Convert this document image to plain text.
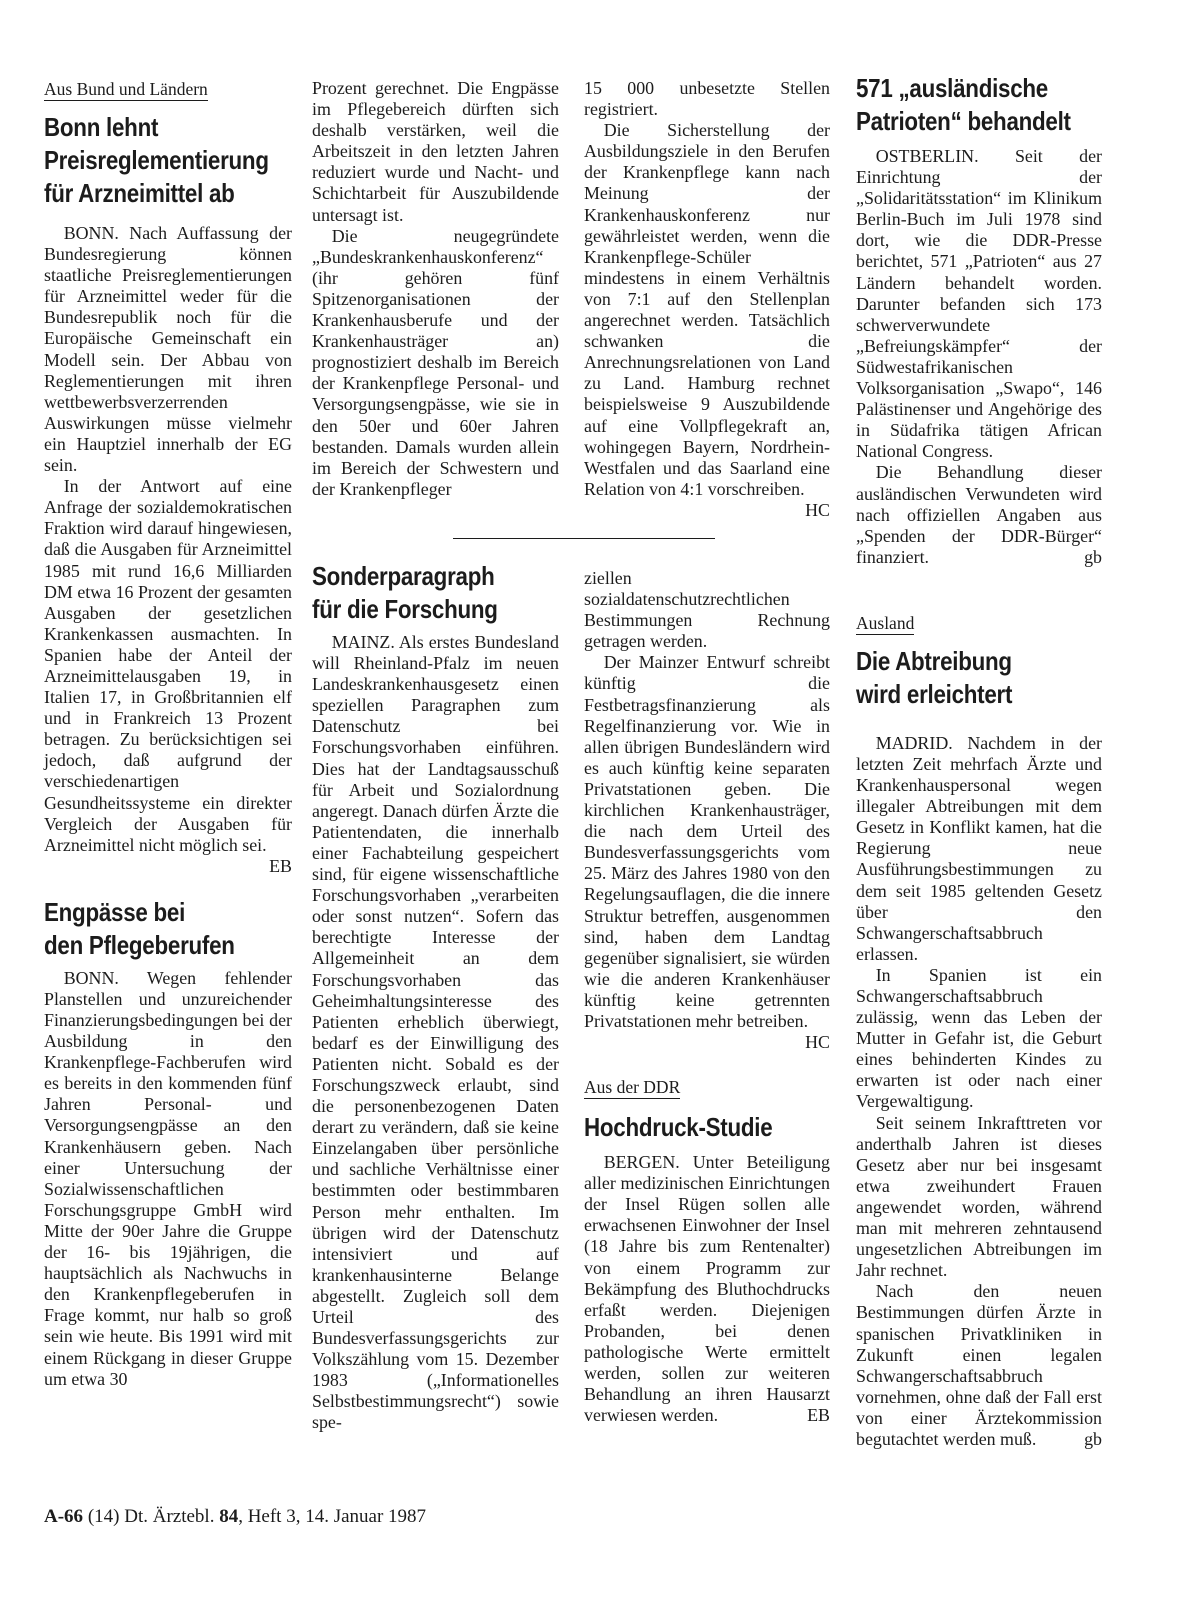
Aus Bund und Ländern
Bonn lehnt
Preisreglementierung
für Arzneimittel ab

BONN. Nach Auffassung der Bundesregierung können staatliche Preisreglementierungen für Arzneimittel weder für die Bundesrepublik noch für die Europäische Gemeinschaft ein Modell sein. Der Abbau von Reglementierungen mit ihren wettbewerbsverzerrenden Auswirkungen müsse vielmehr ein Hauptziel innerhalb der EG sein.

In der Antwort auf eine Anfrage der sozialdemokratischen Fraktion wird darauf hingewiesen, daß die Ausgaben für Arzneimittel 1985 mit rund 16,6 Milliarden DM etwa 16 Prozent der gesamten Ausgaben der gesetzlichen Krankenkassen ausmachten. In Spanien habe der Anteil der Arzneimittelausgaben 19, in Italien 17, in Großbritannien elf und in Frankreich 13 Prozent betragen. Zu berücksichtigen sei jedoch, daß aufgrund der verschiedenartigen Gesundheitssysteme ein direkter Vergleich der Ausgaben für Arzneimittel nicht möglich sei.
EB

Engpässe bei
den Pflegeberufen

BONN. Wegen fehlender Planstellen und unzureichender Finanzierungsbedingungen bei der Ausbildung in den Krankenpflege-Fachberufen wird es bereits in den kommenden fünf Jahren Personal- und Versorgungsengpässe an den Krankenhäusern geben. Nach einer Untersuchung der Sozialwissenschaftlichen Forschungsgruppe GmbH wird Mitte der 90er Jahre die Gruppe der 16- bis 19jährigen, die hauptsächlich als Nachwuchs in den Krankenpflegeberufen in Frage kommt, nur halb so groß sein wie heute. Bis 1991 wird mit einem Rückgang in dieser Gruppe um etwa 30

Prozent gerechnet. Die Engpässe im Pflegebereich dürften sich deshalb verstärken, weil die Arbeitszeit in den letzten Jahren reduziert wurde und Nacht- und Schichtarbeit für Auszubildende untersagt ist.

Die neugegründete „Bundeskrankenhauskonferenz“ (ihr gehören fünf Spitzenorganisationen der Krankenhausberufe und der Krankenhausträger an) prognostiziert deshalb im Bereich der Krankenpflege Personal- und Versorgungsengpässe, wie sie in den 50er und 60er Jahren bestanden. Damals wurden allein im Bereich der Schwestern und der Krankenpfleger

Sonderparagraph
für die Forschung

MAINZ. Als erstes Bundesland will Rheinland-Pfalz im neuen Landeskrankenhausgesetz einen speziellen Paragraphen zum Datenschutz bei Forschungsvorhaben einführen. Dies hat der Landtagsausschuß für Arbeit und Sozialordnung angeregt. Danach dürfen Ärzte die Patientendaten, die innerhalb einer Fachabteilung gespeichert sind, für eigene wissenschaftliche Forschungsvorhaben „verarbeiten oder sonst nutzen“. Sofern das berechtigte Interesse der Allgemeinheit an dem Forschungsvorhaben das Geheimhaltungsinteresse des Patienten erheblich überwiegt, bedarf es der Einwilligung des Patienten nicht. Sobald es der Forschungszweck erlaubt, sind die personenbezogenen Daten derart zu verändern, daß sie keine Einzelangaben über persönliche und sachliche Verhältnisse einer bestimmten oder bestimmbaren Person mehr enthalten. Im übrigen wird der Datenschutz intensiviert und auf krankenhausinterne Belange abgestellt. Zugleich soll dem Urteil des Bundesverfassungsgerichts zur Volkszählung vom 15. Dezember 1983 („Informationelles Selbstbestimmungsrecht“) sowie spe-

15 000 unbesetzte Stellen registriert.

Die Sicherstellung der Ausbildungsziele in den Berufen der Krankenpflege kann nach Meinung der Krankenhauskonferenz nur gewährleistet werden, wenn die Krankenpflege-Schüler mindestens in einem Verhältnis von 7:1 auf den Stellenplan angerechnet werden. Tatsächlich schwanken die Anrechnungsrelationen von Land zu Land. Hamburg rechnet beispielsweise 9 Auszubildende auf eine Vollpflegekraft an, wohingegen Bayern, Nordrhein-Westfalen und das Saarland eine Relation von 4:1 vorschreiben.
HC

ziellen sozialdatenschutzrechtlichen Bestimmungen Rechnung getragen werden.

Der Mainzer Entwurf schreibt künftig die Festbetragsfinanzierung als Regelfinanzierung vor. Wie in allen übrigen Bundesländern wird es auch künftig keine separaten Privatstationen geben. Die kirchlichen Krankenhausträger, die nach dem Urteil des Bundesverfassungsgerichts vom 25. März des Jahres 1980 von den Regelungsauflagen, die die innere Struktur betreffen, ausgenommen sind, haben dem Landtag gegenüber signalisiert, sie würden wie die anderen Krankenhäuser künftig keine getrennten Privatstationen mehr betreiben.
HC

Aus der DDR
Hochdruck-Studie

BERGEN. Unter Beteiligung aller medizinischen Einrichtungen der Insel Rügen sollen alle erwachsenen Einwohner der Insel (18 Jahre bis zum Rentenalter) von einem Programm zur Bekämpfung des Bluthochdrucks erfaßt werden. Diejenigen Probanden, bei denen pathologische Werte ermittelt werden, sollen zur weiteren Behandlung an ihren Hausarzt verwiesen werden.	EB

571 „ausländische
Patrioten“ behandelt

OSTBERLIN. Seit der Einrichtung der „Solidaritätsstation“ im Klinikum Berlin-Buch im Juli 1978 sind dort, wie die DDR-Presse berichtet, 571 „Patrioten“ aus 27 Ländern behandelt worden. Darunter befanden sich 173 schwerverwundete „Befreiungskämpfer“ der Südwestafrikanischen Volksorganisation „Swapo“, 146 Palästinenser und Angehörige des in Südafrika tätigen African National Congress.

Die Behandlung dieser ausländischen Verwundeten wird nach offiziellen Angaben aus „Spenden der DDR-Bürger“ finanziert.	gb

Ausland
Die Abtreibung
wird erleichtert

MADRID. Nachdem in der letzten Zeit mehrfach Ärzte und Krankenhauspersonal wegen illegaler Abtreibungen mit dem Gesetz in Konflikt kamen, hat die Regierung neue Ausführungsbestimmungen zu dem seit 1985 geltenden Gesetz über den Schwangerschaftsabbruch erlassen.

In Spanien ist ein Schwangerschaftsabbruch zulässig, wenn das Leben der Mutter in Gefahr ist, die Geburt eines behinderten Kindes zu erwarten ist oder nach einer Vergewaltigung.

Seit seinem Inkrafttreten vor anderthalb Jahren ist dieses Gesetz aber nur bei insgesamt etwa zweihundert Frauen angewendet worden, während man mit mehreren zehntausend ungesetzlichen Abtreibungen im Jahr rechnet.

Nach den neuen Bestimmungen dürfen Ärzte in spanischen Privatkliniken in Zukunft einen legalen Schwangerschaftsabbruch vornehmen, ohne daß der Fall erst von einer Ärztekommission begutachtet werden muß.	gb

A-66 (14) Dt. Ärztebl. 84, Heft 3, 14. Januar 1987
